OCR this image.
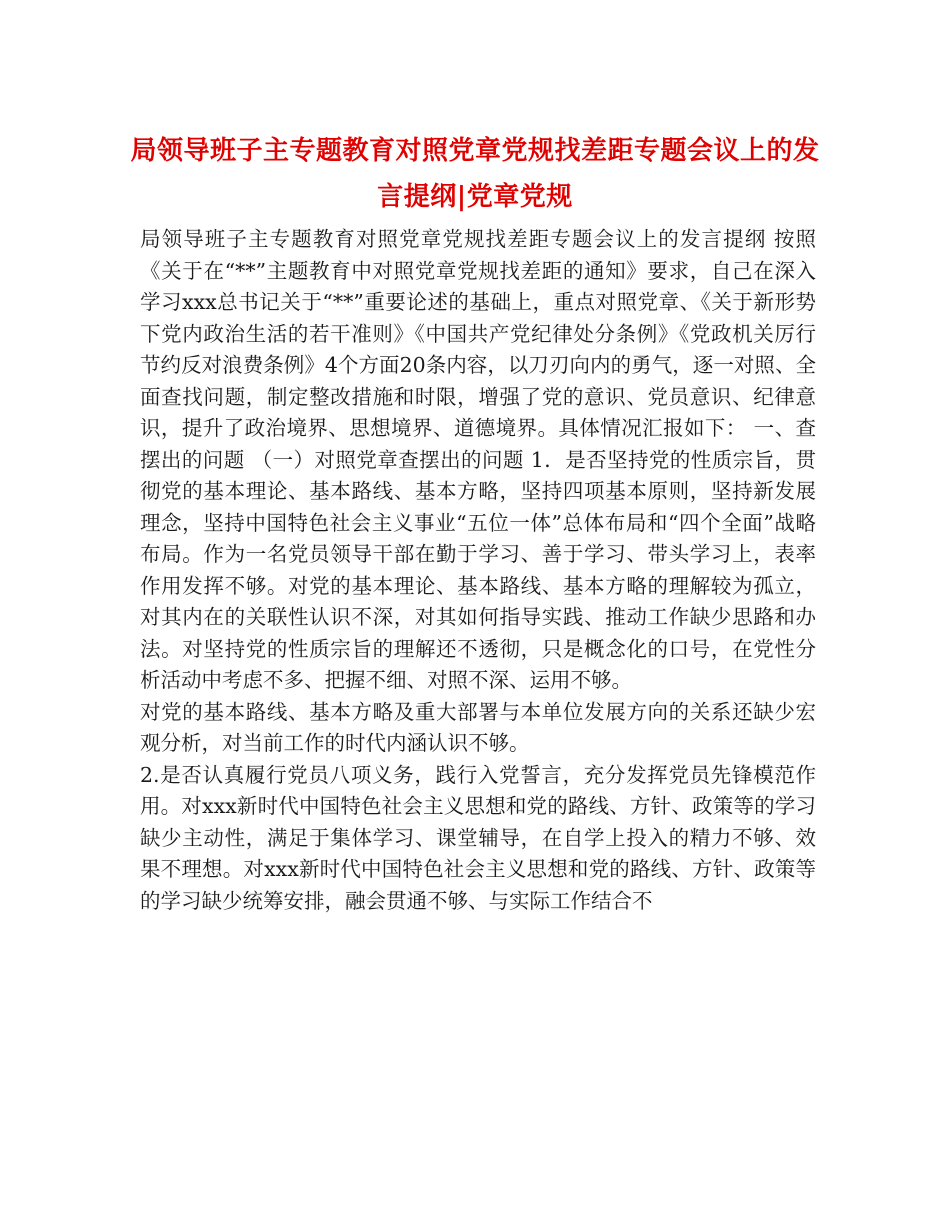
局领导班子主专题教育对照党章党规找差距专题会议上的发言提纲|党章党规

局领导班子主专题教育对照党章党规找差距专题会议上的发言提纲 按照《关于在“**”主题教育中对照党章党规找差距的通知》要求，自己在深入学习xxx总书记关于“**”重要论述的基础上，重点对照党章、《关于新形势下党内政治生活的若干准则》《中国共产党纪律处分条例》《党政机关厉行节约反对浪费条例》4个方面20条内容，以刀刃向内的勇气，逐一对照、全面查找问题，制定整改措施和时限，增强了党的意识、党员意识、纪律意识，提升了政治境界、思想境界、道德境界。具体情况汇报如下： 一、查摆出的问题 （一）对照党章查摆出的问题 1．是否坚持党的性质宗旨，贯彻党的基本理论、基本路线、基本方略，坚持四项基本原则，坚持新发展理念，坚持中国特色社会主义事业“五位一体”总体布局和“四个全面”战略布局。作为一名党员领导干部在勤于学习、善于学习、带头学习上，表率作用发挥不够。对党的基本理论、基本路线、基本方略的理解较为孤立，对其内在的关联性认识不深，对其如何指导实践、推动工作缺少思路和办法。对坚持党的性质宗旨的理解还不透彻，只是概念化的口号，在党性分析活动中考虑不多、把握不细、对照不深、运用不够。

对党的基本路线、基本方略及重大部署与本单位发展方向的关系还缺少宏观分析，对当前工作的时代内涵认识不够。

2.是否认真履行党员八项义务，践行入党誓言，充分发挥党员先锋模范作用。对xxx新时代中国特色社会主义思想和党的路线、方针、政策等的学习缺少主动性，满足于集体学习、课堂辅导，在自学上投入的精力不够、效果不理想。对xxx新时代中国特色社会主义思想和党的路线、方针、政策等的学习缺少统筹安排，融会贯通不够、与实际工作结合不
